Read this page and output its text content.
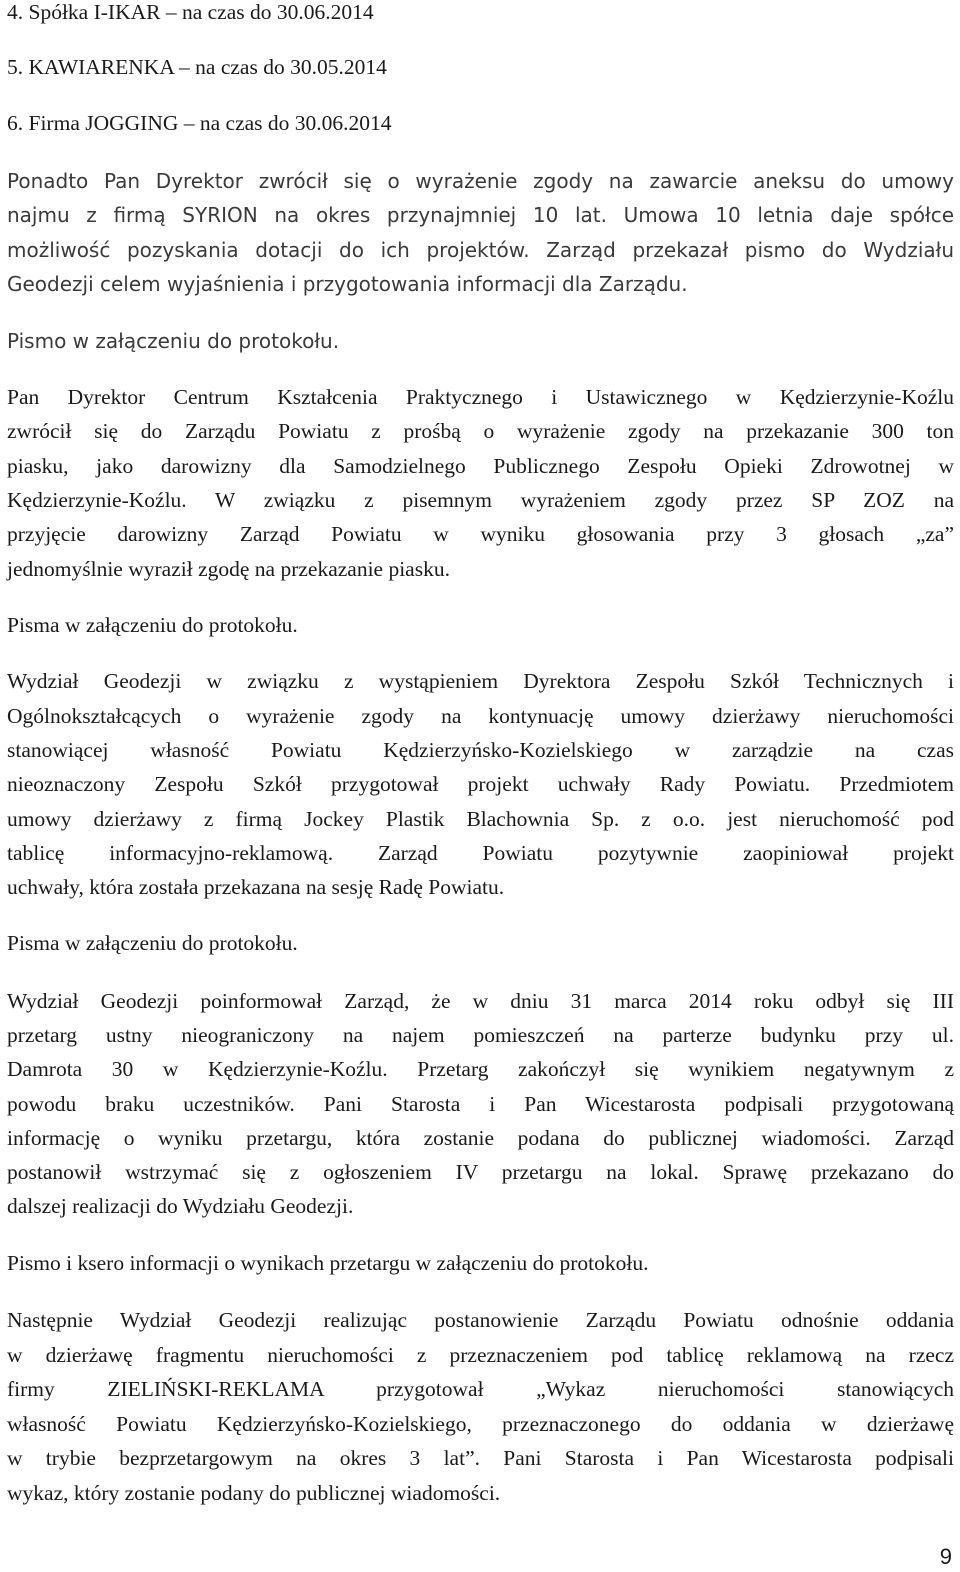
4. Spółka I-IKAR – na czas do 30.06.2014

5. KAWIARENKA – na czas do 30.05.2014

6. Firma JOGGING – na czas do 30.06.2014

Ponadto Pan Dyrektor zwrócił się o wyrażenie zgody na zawarcie aneksu do umowy

najmu z firmą SYRION na okres przynajmniej 10 lat. Umowa 10 letnia daje spółce

możliwość pozyskania dotacji do ich projektów. Zarząd przekazał pismo do Wydziału

Geodezji celem wyjaśnienia i przygotowania informacji dla Zarządu.

Pismo w załączeniu do protokołu.

Pan Dyrektor Centrum Kształcenia Praktycznego i Ustawicznego w Kędzierzynie-Koźlu

zwrócił się do Zarządu Powiatu z prośbą o wyrażenie zgody na przekazanie 300 ton

piasku, jako darowizny dla Samodzielnego Publicznego Zespołu Opieki Zdrowotnej w

Kędzierzynie-Koźlu. W związku z pisemnym wyrażeniem zgody przez SP ZOZ na

przyjęcie darowizny Zarząd Powiatu w wyniku głosowania przy 3 głosach „za”

jednomyślnie wyraził zgodę na przekazanie piasku.

Pisma w załączeniu do protokołu.

Wydział Geodezji w związku z wystąpieniem Dyrektora Zespołu Szkół Technicznych i

Ogólnokształcących o wyrażenie zgody na kontynuację umowy dzierżawy nieruchomości

stanowiącej własność Powiatu Kędzierzyńsko-Kozielskiego w zarządzie na czas

nieoznaczony Zespołu Szkół przygotował projekt uchwały Rady Powiatu. Przedmiotem

umowy dzierżawy z firmą Jockey Plastik Blachownia Sp. z o.o. jest nieruchomość pod

tablicę informacyjno-reklamową. Zarząd Powiatu pozytywnie zaopiniował projekt

uchwały, która została przekazana na sesję Radę Powiatu.

Pisma w załączeniu do protokołu.

Wydział Geodezji poinformował Zarząd, że w dniu 31 marca 2014 roku odbył się III

przetarg ustny nieograniczony na najem pomieszczeń na parterze budynku przy ul.

Damrota 30 w Kędzierzynie-Koźlu. Przetarg zakończył się wynikiem negatywnym z

powodu braku uczestników. Pani Starosta i Pan Wicestarosta podpisali przygotowaną

informację o wyniku przetargu, która zostanie podana do publicznej wiadomości. Zarząd

postanowił wstrzymać się z ogłoszeniem IV przetargu na lokal. Sprawę przekazano do

dalszej realizacji do Wydziału Geodezji.

Pismo i ksero informacji o wynikach przetargu w załączeniu do protokołu.

Następnie Wydział Geodezji realizując postanowienie Zarządu Powiatu odnośnie oddania

w dzierżawę fragmentu nieruchomości z przeznaczeniem pod tablicę reklamową na rzecz

firmy ZIELIŃSKI-REKLAMA przygotował „Wykaz nieruchomości stanowiących

własność Powiatu Kędzierzyńsko-Kozielskiego, przeznaczonego do oddania w dzierżawę

w trybie bezprzetargowym na okres 3 lat”. Pani Starosta i Pan Wicestarosta podpisali

wykaz, który zostanie podany do publicznej wiadomości.

9
